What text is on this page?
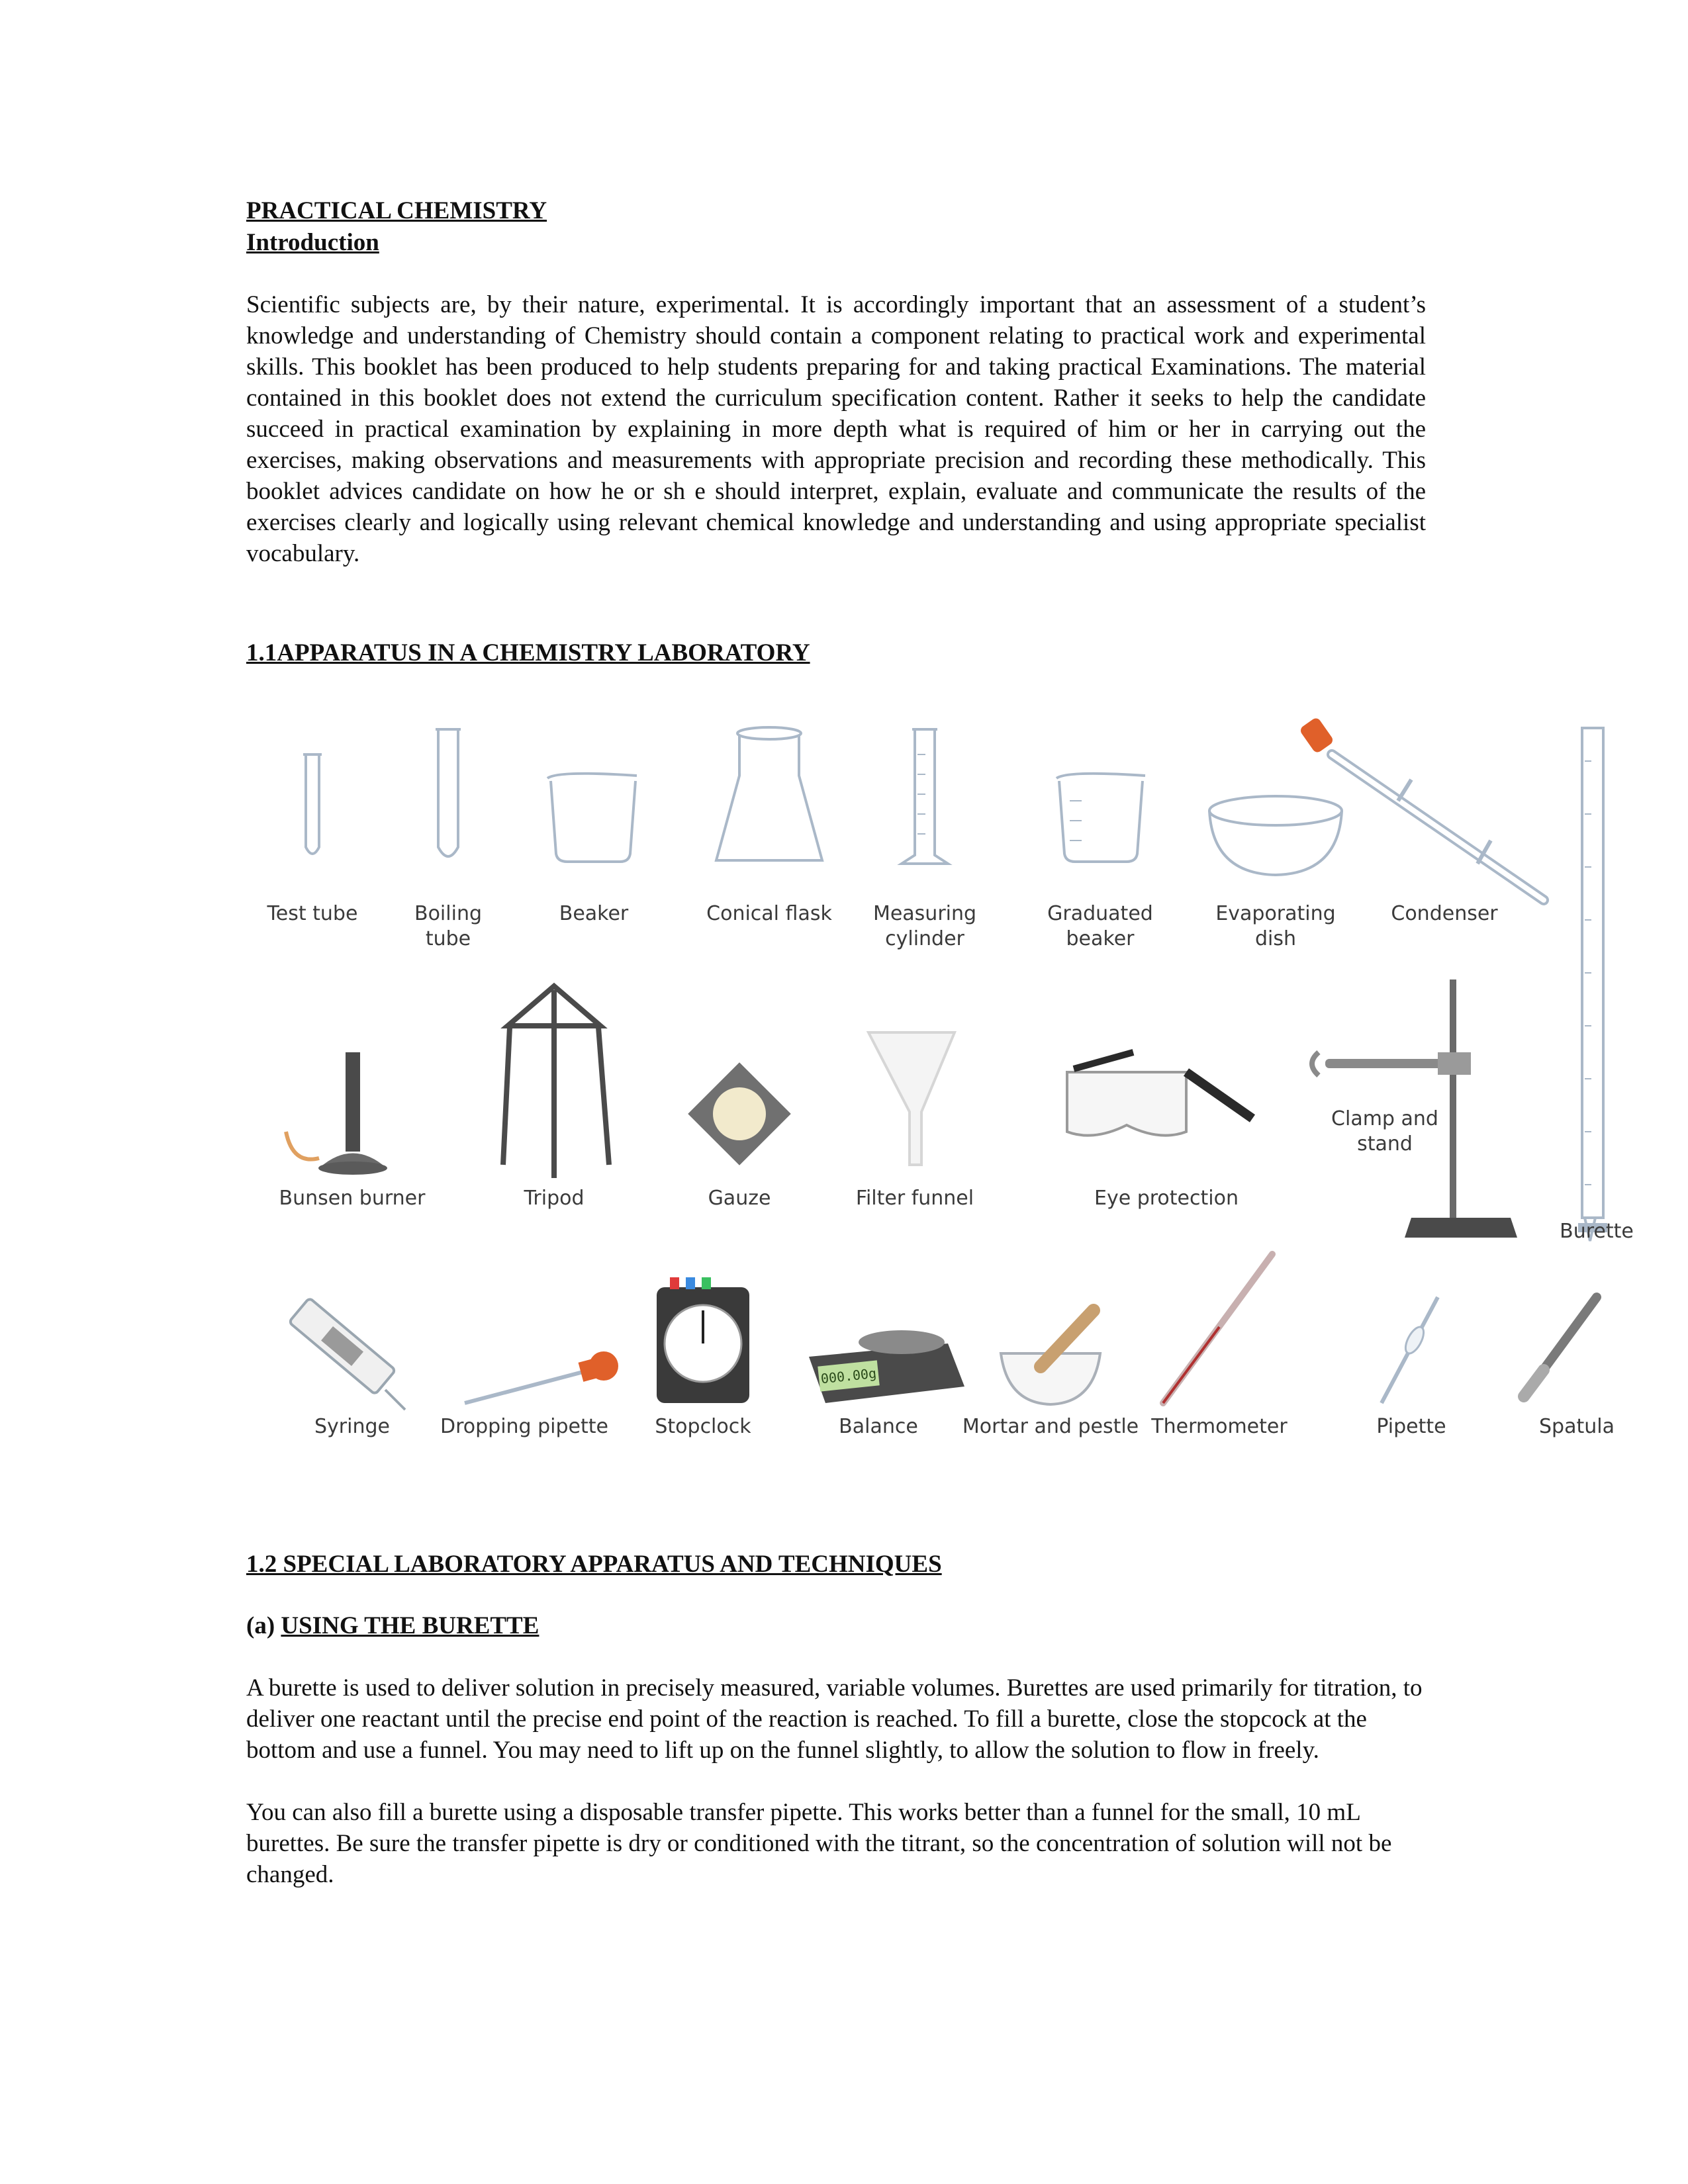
PRACTICAL CHEMISTRY

Introduction

Scientific subjects are, by their nature, experimental. It is accordingly important that an assessment of a student’s knowledge and understanding of Chemistry should contain a component relating to practical work and experimental skills. This booklet has been produced to help students preparing for and taking practical Examinations. The material contained in this booklet does not extend the curriculum specification content. Rather it seeks to help the candidate succeed in practical examination by explaining in more depth what is required of him or her in carrying out the exercises, making observations and measurements with appropriate precision and recording these methodically. This booklet advices candidate on how he or sh e should interpret, explain, evaluate and communicate the results of the exercises clearly and logically using relevant chemical knowledge and understanding and using appropriate specialist vocabulary.

1.1APPARATUS IN A CHEMISTRY LABORATORY

Test tube	Boiling
tube
Beaker	Conical flask Measuring
cylinder
Graduated
beaker
Evaporating
dish
Condenser
Burette
Bunsen burner	Tripod	Gauze	Filter funnel	Eye protection
Clamp and
stand
Syringe	Dropping pipette Stopclock
000.00g
Balance Mortar and pestle Thermometer	Pipette	Spatula

1.2 SPECIAL LABORATORY APPARATUS AND TECHNIQUES

(a) USING THE BURETTE

A burette is used to deliver solution in precisely measured, variable volumes. Burettes are used primarily for titration, to deliver one reactant until the precise end point of the reaction is reached. To fill a burette, close the stopcock at the bottom and use a funnel. You may need to lift up on the funnel slightly, to allow the solution to flow in freely.

You can also fill a burette using a disposable transfer pipette. This works better than a funnel for the small, 10 mL burettes. Be sure the transfer pipette is dry or conditioned with the titrant, so the concentration of solution will not be changed.
